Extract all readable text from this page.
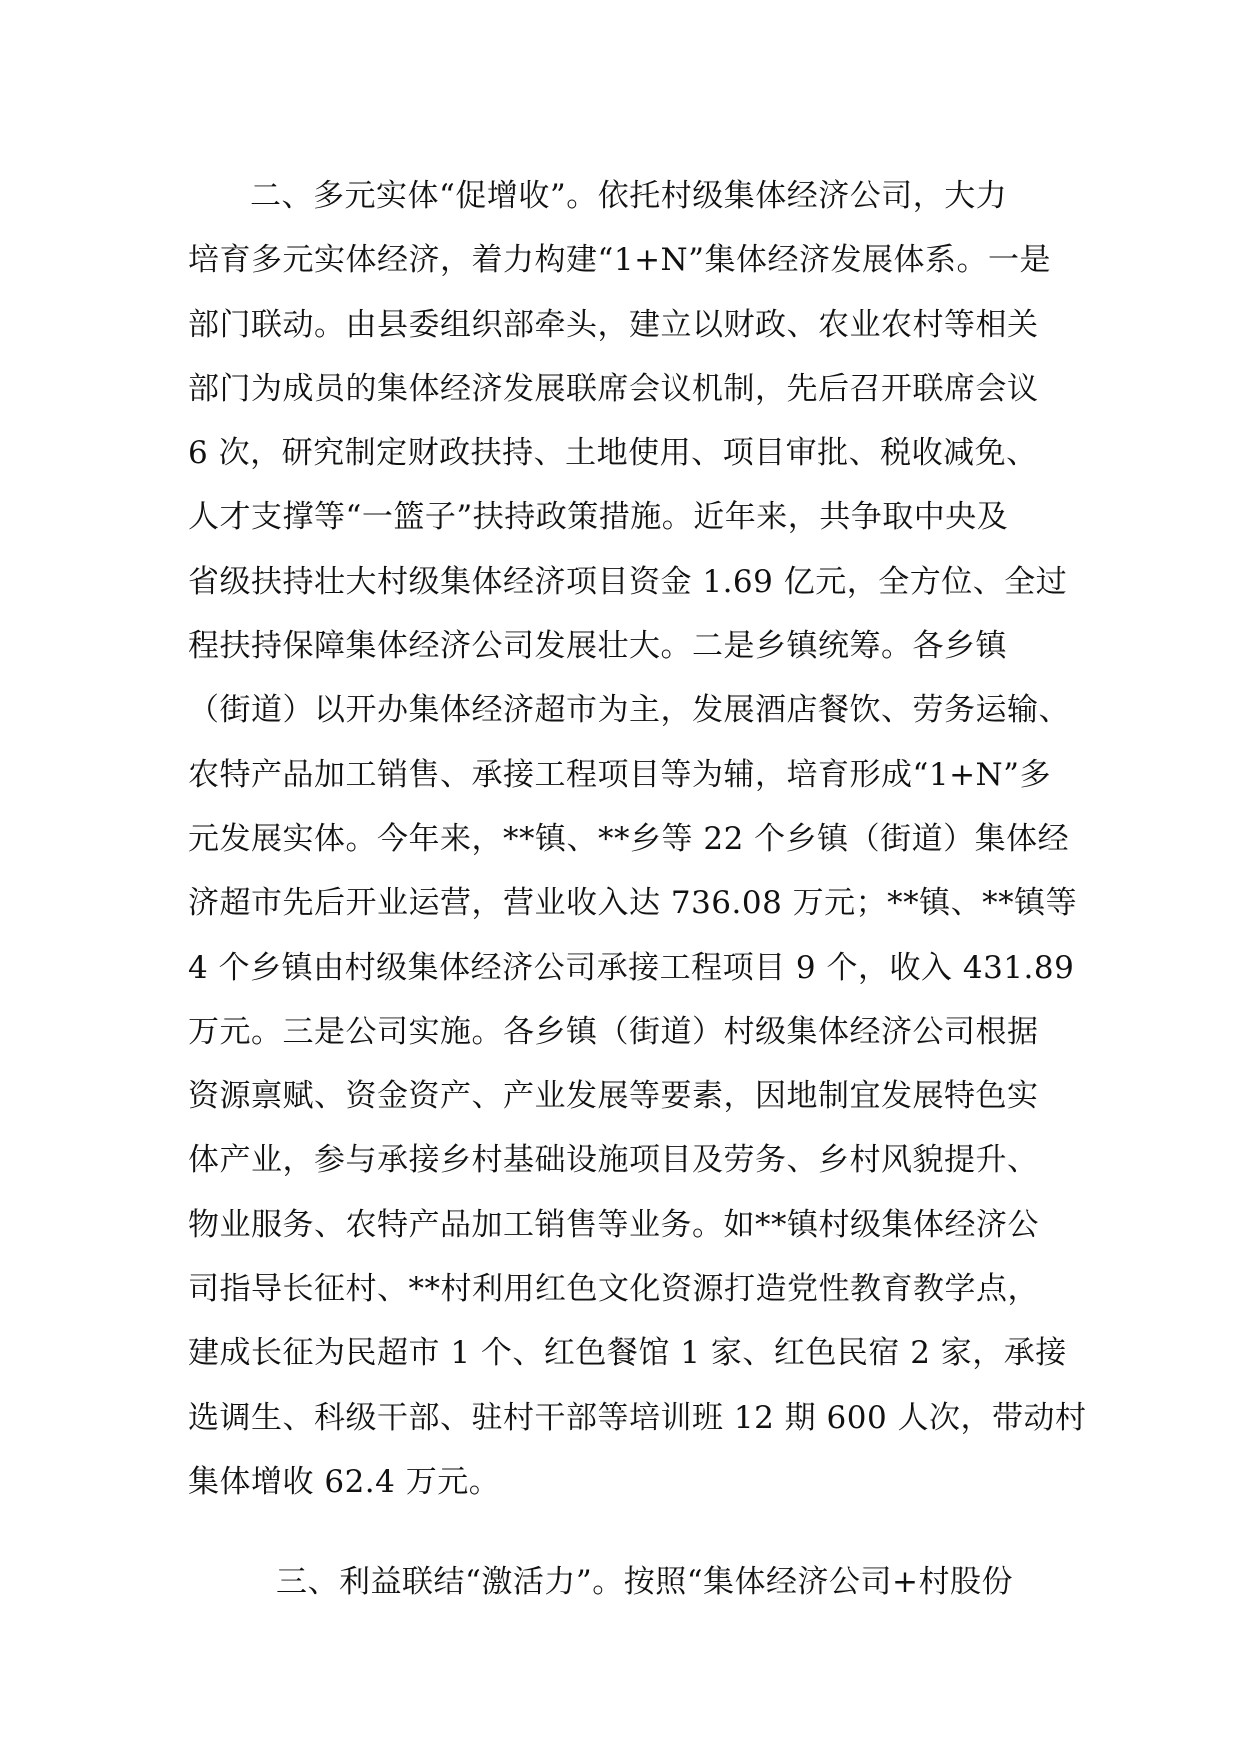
二、多元实体“促增收”。依托村级集体经济公司，大力
培育多元实体经济，着力构建“1+N”集体经济发展体系。一是
部门联动。由县委组织部牵头，建立以财政、农业农村等相关
部门为成员的集体经济发展联席会议机制，先后召开联席会议
6 次，研究制定财政扶持、土地使用、项目审批、税收减免、
人才支撑等“一篮子”扶持政策措施。近年来，共争取中央及
省级扶持壮大村级集体经济项目资金 1.69 亿元，全方位、全过
程扶持保障集体经济公司发展壮大。二是乡镇统筹。各乡镇
（街道）以开办集体经济超市为主，发展酒店餐饮、劳务运输、
农特产品加工销售、承接工程项目等为辅，培育形成“1+N”多
元发展实体。今年来，**镇、**乡等 22 个乡镇（街道）集体经
济超市先后开业运营，营业收入达 736.08 万元；**镇、**镇等
4 个乡镇由村级集体经济公司承接工程项目 9 个，收入 431.89
万元。三是公司实施。各乡镇（街道）村级集体经济公司根据
资源禀赋、资金资产、产业发展等要素，因地制宜发展特色实
体产业，参与承接乡村基础设施项目及劳务、乡村风貌提升、
物业服务、农特产品加工销售等业务。如**镇村级集体经济公
司指导长征村、**村利用红色文化资源打造党性教育教学点，
建成长征为民超市 1 个、红色餐馆 1 家、红色民宿 2 家，承接
选调生、科级干部、驻村干部等培训班 12 期 600 人次，带动村
集体增收 62.4 万元。
三、利益联结“激活力”。按照“集体经济公司+村股份
